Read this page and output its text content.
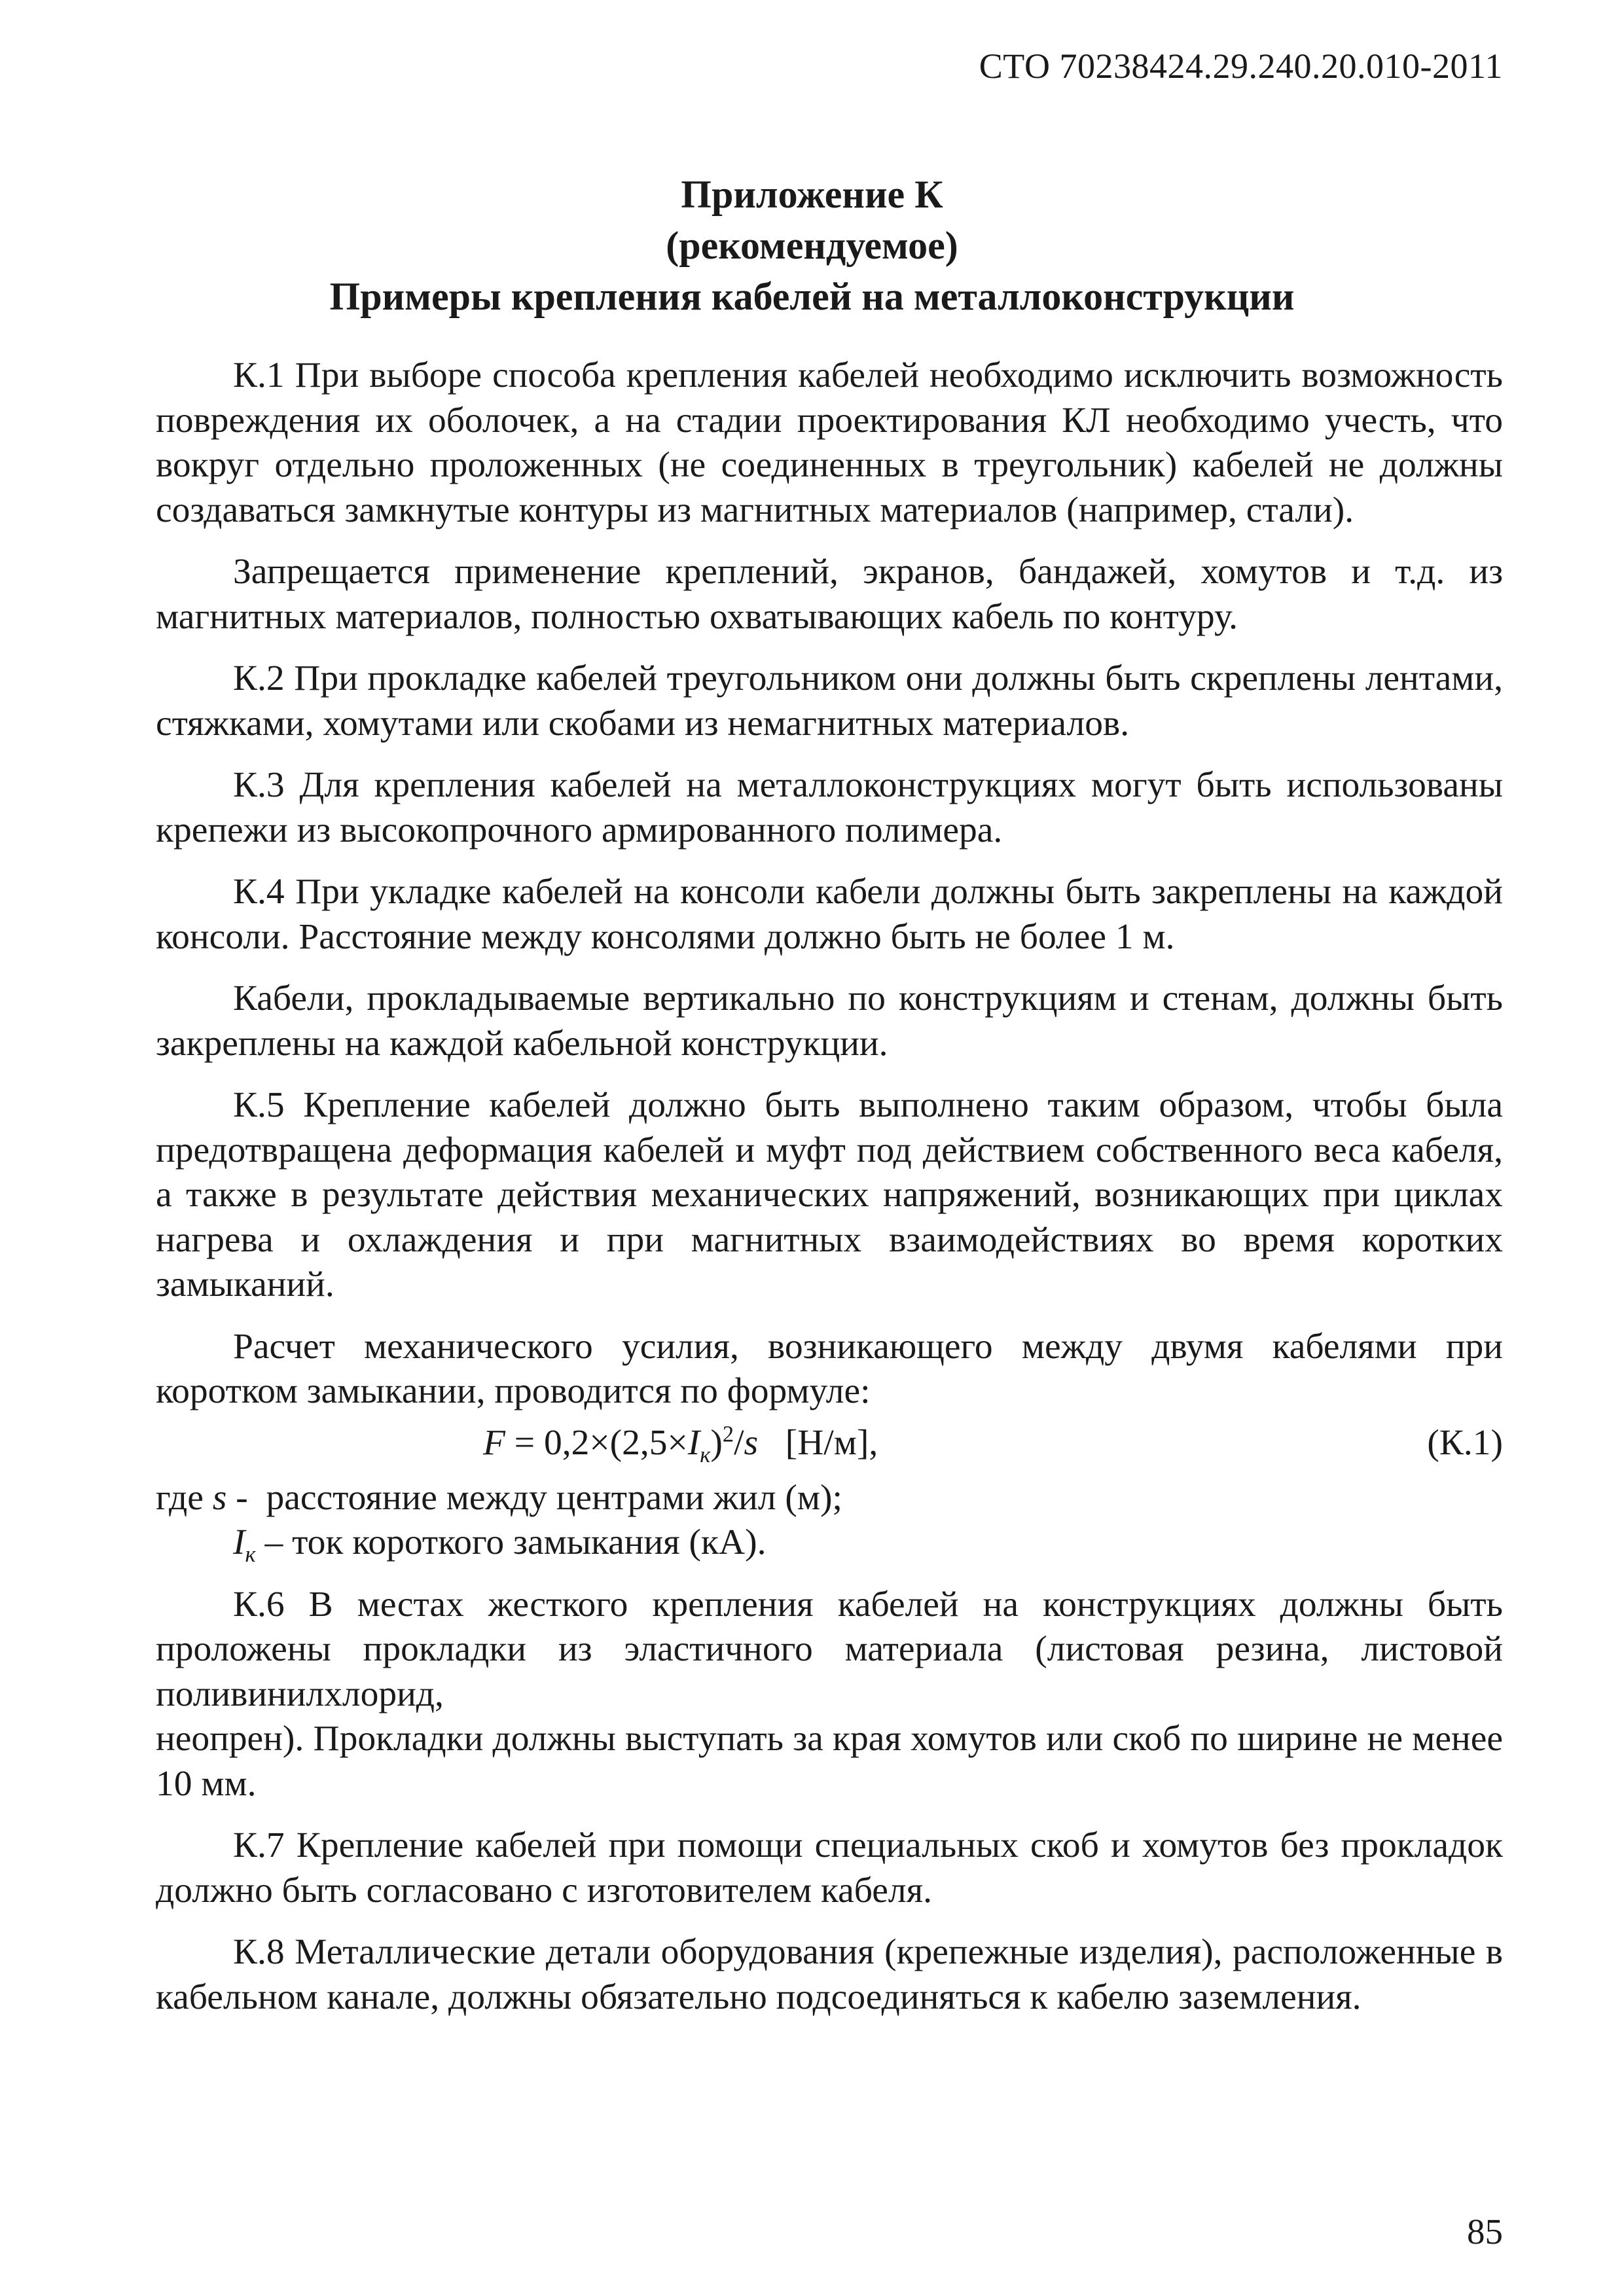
СТО 70238424.29.240.20.010-2011
Приложение К
(рекомендуемое)
Примеры крепления кабелей на металлоконструкции

К.1 При выборе способа крепления кабелей необходимо исключить возможность повреждения их оболочек, а на стадии проектирования КЛ необходимо учесть, что вокруг отдельно проложенных (не соединенных в треугольник) кабелей не должны создаваться замкнутые контуры из магнитных материалов (например, стали).

Запрещается применение креплений, экранов, бандажей, хомутов и т.д. из магнитных материалов, полностью охватывающих кабель по контуру.

К.2 При прокладке кабелей треугольником они должны быть скреплены лентами, стяжками, хомутами или скобами из немагнитных материалов.

К.3 Для крепления кабелей на металлоконструкциях могут быть использованы крепежи из высокопрочного армированного полимера.

К.4 При укладке кабелей на консоли кабели должны быть закреплены на каждой консоли. Расстояние между консолями должно быть не более 1 м.

Кабели, прокладываемые вертикально по конструкциям и стенам, должны быть закреплены на каждой кабельной конструкции.

К.5 Крепление кабелей должно быть выполнено таким образом, чтобы была предотвращена деформация кабелей и муфт под действием собственного веса кабеля, а также в результате действия механических напряжений, возникающих при циклах нагрева и охлаждения и при магнитных взаимодействиях во время коротких замыканий.

Расчет механического усилия, возникающего между двумя кабелями при коротком замыкании, проводится по формуле:

$F = 0,2\times(2,5\times I_к)^2/s$   [Н/м],	(К.1)
где s -  расстояние между центрами жил (м);
$I_к$ – ток короткого замыкания (кА).

К.6 В местах жесткого крепления кабелей на конструкциях должны быть проложены прокладки из эластичного материала (листовая резина, листовой поливинилхлорид,

неопрен). Прокладки должны выступать за края хомутов или скоб по ширине не менее 10 мм.

К.7 Крепление кабелей при помощи специальных скоб и хомутов без прокладок должно быть согласовано с изготовителем кабеля.

К.8 Металлические детали оборудования (крепежные изделия), расположенные в кабельном канале, должны обязательно подсоединяться к кабелю заземления.

85
